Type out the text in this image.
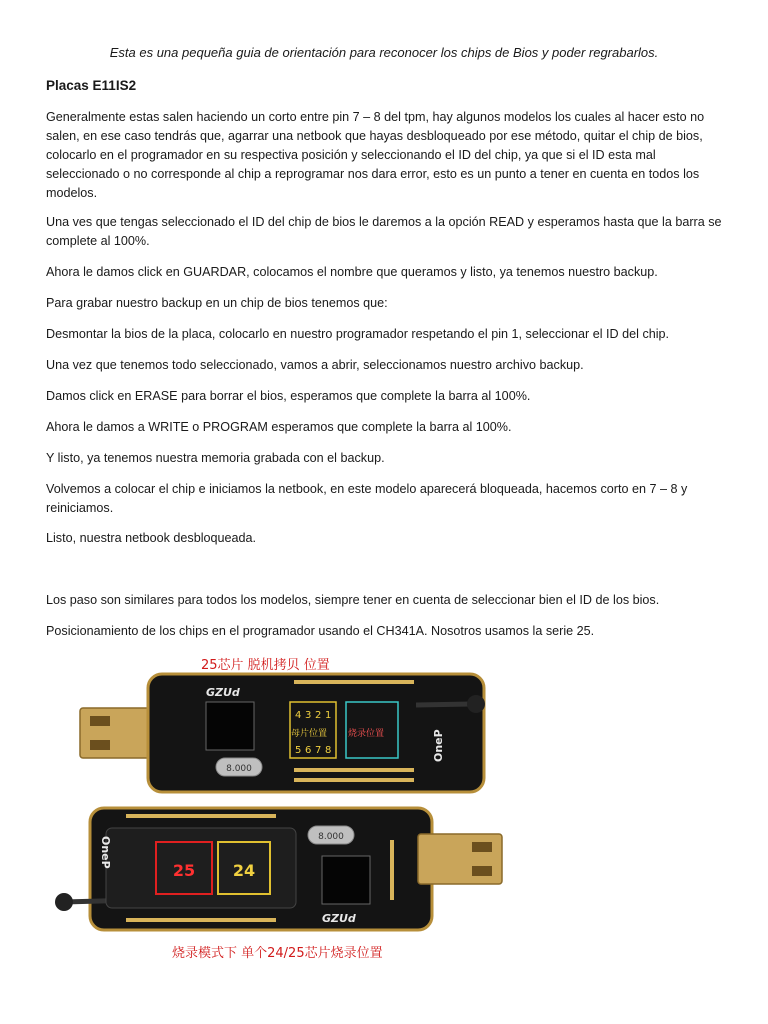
Esta es una pequeña guia de orientación para reconocer los chips de Bios y poder regrabarlos.
Placas E11IS2

Generalmente estas salen haciendo un corto entre pin 7 – 8 del tpm, hay algunos modelos los cuales al hacer esto no salen, en ese caso tendrás que, agarrar una netbook que hayas desbloqueado por ese método, quitar el chip de bios, colocarlo en el programador en su respectiva posición y seleccionando el ID del chip, ya que si el ID esta mal seleccionado o no corresponde al chip a reprogramar nos dara error, esto es un punto a tener en cuenta en todos los modelos.

Una ves que tengas seleccionado el ID del chip de bios le daremos a la opción READ y esperamos hasta que la barra se complete al 100%.

Ahora le damos click en GUARDAR, colocamos el nombre que queramos y listo, ya tenemos nuestro backup.

Para grabar nuestro backup en un chip de bios tenemos que:

Desmontar la bios de la placa, colocarlo en nuestro programador respetando el pin 1, seleccionar el ID del chip.

Una vez que tenemos todo seleccionado, vamos a abrir, seleccionamos nuestro archivo backup.

Damos click en ERASE para borrar el bios, esperamos que complete la barra al 100%.

Ahora le damos a WRITE o PROGRAM esperamos que complete la barra al 100%.

Y listo, ya tenemos nuestra memoria grabada con el backup.

Volvemos a colocar el chip e iniciamos la netbook, en este modelo aparecerá bloqueada, hacemos corto en 7 – 8 y reiniciamos.

Listo, nuestra netbook desbloqueada.

Los paso son similares para todos los modelos, siempre tener en cuenta de seleccionar bien el ID de los bios.

Posicionamiento de los chips en el programador usando el CH341A. Nosotros usamos la serie 25.

25芯片 脱机拷贝 位置
烧录模式下 单个24/25芯片烧录位置
8.000
GZUd
OneP
4 3 2 1
母片位置 烧录位置
5 6 7 8
25 24
8.000
GZUd
OneP
